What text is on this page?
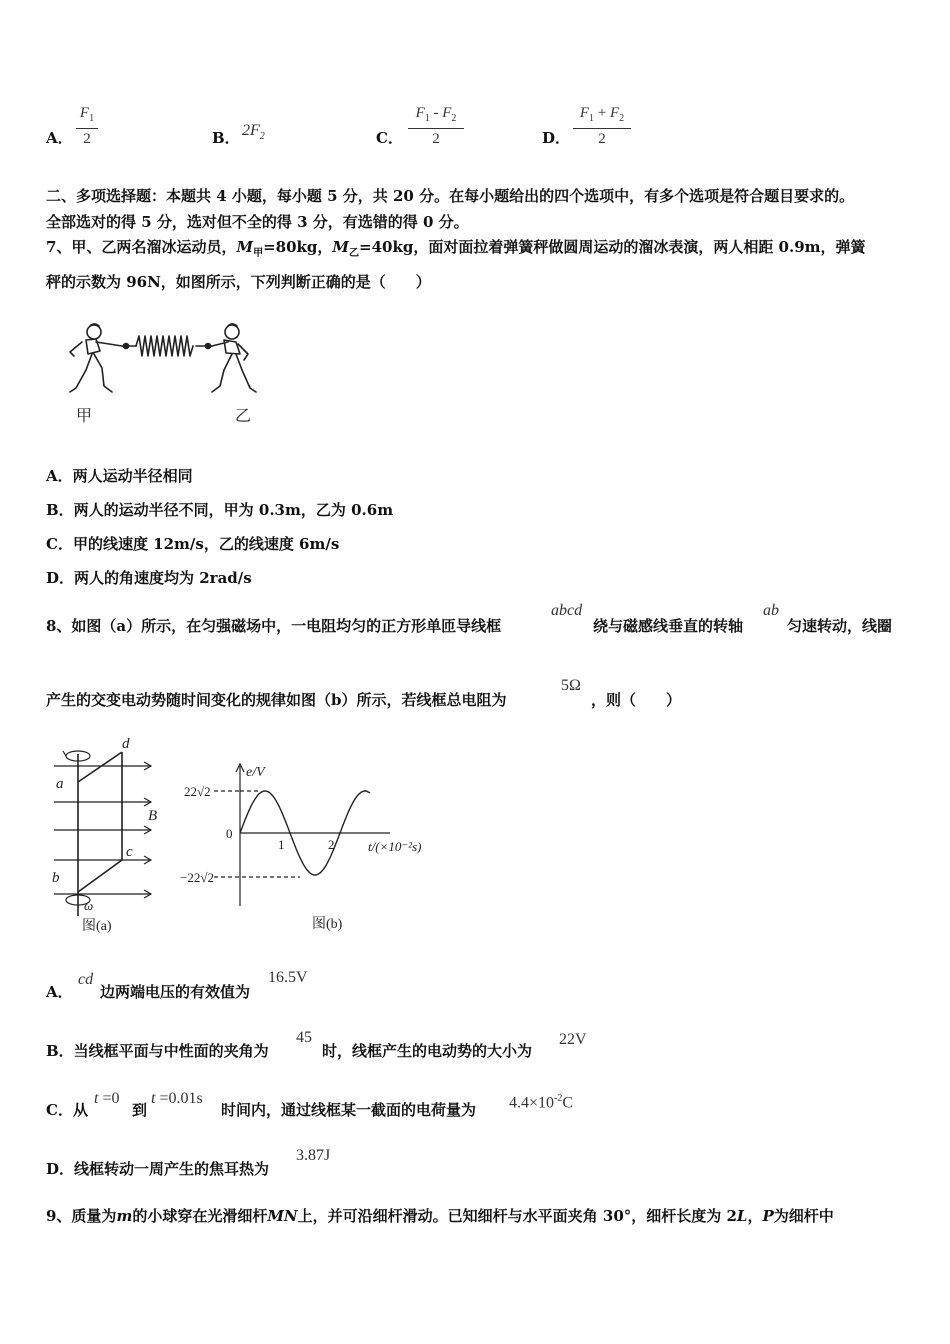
A． $\frac{F_1}{2}$	B． $2F_2$	C． $\frac{F_1 - F_2}{2}$	D． $\frac{F_1 + F_2}{2}$
二、多项选择题：本题共 4 小题，每小题 5 分，共 20 分。在每小题给出的四个选项中，有多个选项是符合题目要求的。
全部选对的得 5 分，选对但不全的得 3 分，有选错的得 0 分。
7、甲、乙两名溜冰运动员，$M_甲=80kg$，$M_乙=40kg$，面对面拉着弹簧秤做圆周运动的溜冰表演，两人相距 0.9m，弹簧
秤的示数为 96N，如图所示，下列判断正确的是（　　）
甲	乙
A．两人运动半径相同
B．两人的运动半径不同，甲为 0.3m，乙为 0.6m
C．甲的线速度 12m/s，乙的线速度 6m/s
D．两人的角速度均为 2rad/s
8、如图（a）所示，在匀强磁场中，一电阻均匀的正方形单匝导线框
abcd
绕与磁感线垂直的转轴
ab
匀速转动，线圈
产生的交变电动势随时间变化的规律如图（b）所示，若线框总电阻为
5Ω
，则（　　）
d
a
B
c
b
ω
图(a)
e/V
22√2
0
−22√2
1	2	t/(×10⁻²s)
图(b)
A．
cd
边两端电压的有效值为
16.5V
B．当线框平面与中性面的夹角为
45
时，线框产生的电动势的大小为
22V
C．从
t =0
到
t =0.01s
时间内，通过线框某一截面的电荷量为 $4.4\times 10^{-2}C$
D．线框转动一周产生的焦耳热为
3.87J
9、质量为m的小球穿在光滑细杆MN上，并可沿细杆滑动。已知细杆与水平面夹角 30°，细杆长度为 2L，P为细杆中
